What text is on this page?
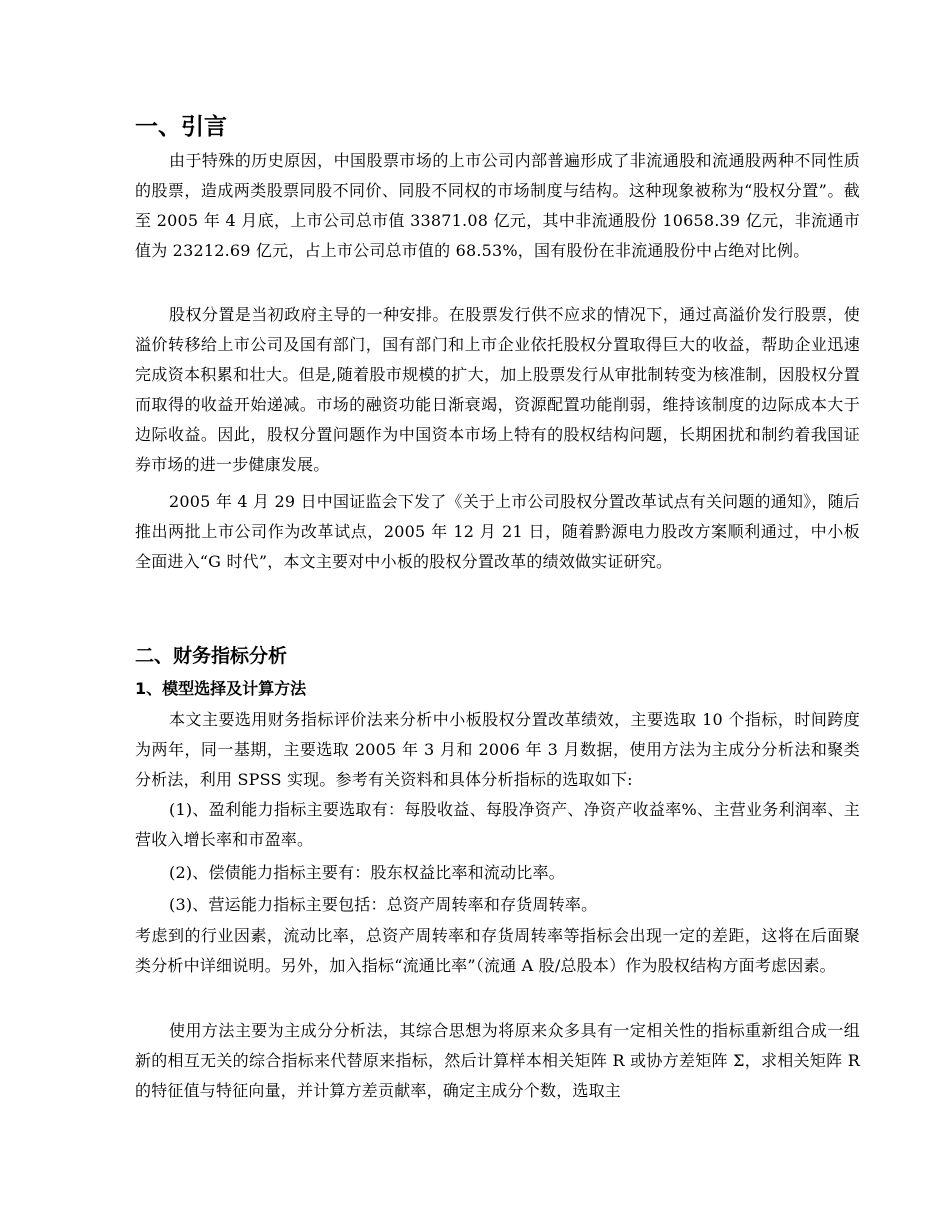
一、引言
由于特殊的历史原因，中国股票市场的上市公司内部普遍形成了非流通股和流通股两种不同性质的股票，造成两类股票同股不同价、同股不同权的市场制度与结构。这种现象被称为“股权分置”。截至 2005 年 4 月底，上市公司总市值 33871.08 亿元，其中非流通股份 10658.39 亿元，非流通市值为 23212.69 亿元，占上市公司总市值的 68.53%，国有股份在非流通股份中占绝对比例。
股权分置是当初政府主导的一种安排。在股票发行供不应求的情况下，通过高溢价发行股票，使溢价转移给上市公司及国有部门，国有部门和上市企业依托股权分置取得巨大的收益，帮助企业迅速完成资本积累和壮大。但是,随着股市规模的扩大，加上股票发行从审批制转变为核准制，因股权分置而取得的收益开始递减。市场的融资功能日渐衰竭，资源配置功能削弱，维持该制度的边际成本大于边际收益。因此，股权分置问题作为中国资本市场上特有的股权结构问题，长期困扰和制约着我国证券市场的进一步健康发展。
2005 年 4 月 29 日中国证监会下发了《关于上市公司股权分置改革试点有关问题的通知》，随后推出两批上市公司作为改革试点，2005 年 12 月 21 日，随着黔源电力股改方案顺利通过，中小板全面进入“G 时代”，本文主要对中小板的股权分置改革的绩效做实证研究。
二、财务指标分析
1、模型选择及计算方法
本文主要选用财务指标评价法来分析中小板股权分置改革绩效，主要选取 10 个指标，时间跨度为两年，同一基期，主要选取 2005 年 3 月和 2006 年 3 月数据，使用方法为主成分分析法和聚类分析法，利用 SPSS 实现。参考有关资料和具体分析指标的选取如下:
(1)、盈利能力指标主要选取有：每股收益、每股净资产、净资产收益率%、主营业务利润率、主营收入增长率和市盈率。
(2)、偿债能力指标主要有：股东权益比率和流动比率。
(3)、营运能力指标主要包括：总资产周转率和存货周转率。
考虑到的行业因素，流动比率，总资产周转率和存货周转率等指标会出现一定的差距，这将在后面聚类分析中详细说明。另外，加入指标“流通比率”（流通 A 股/总股本）作为股权结构方面考虑因素。
使用方法主要为主成分分析法，其综合思想为将原来众多具有一定相关性的指标重新组合成一组新的相互无关的综合指标来代替原来指标，然后计算样本相关矩阵 R 或协方差矩阵 Σ，求相关矩阵 R 的特征值与特征向量，并计算方差贡献率，确定主成分个数，选取主
